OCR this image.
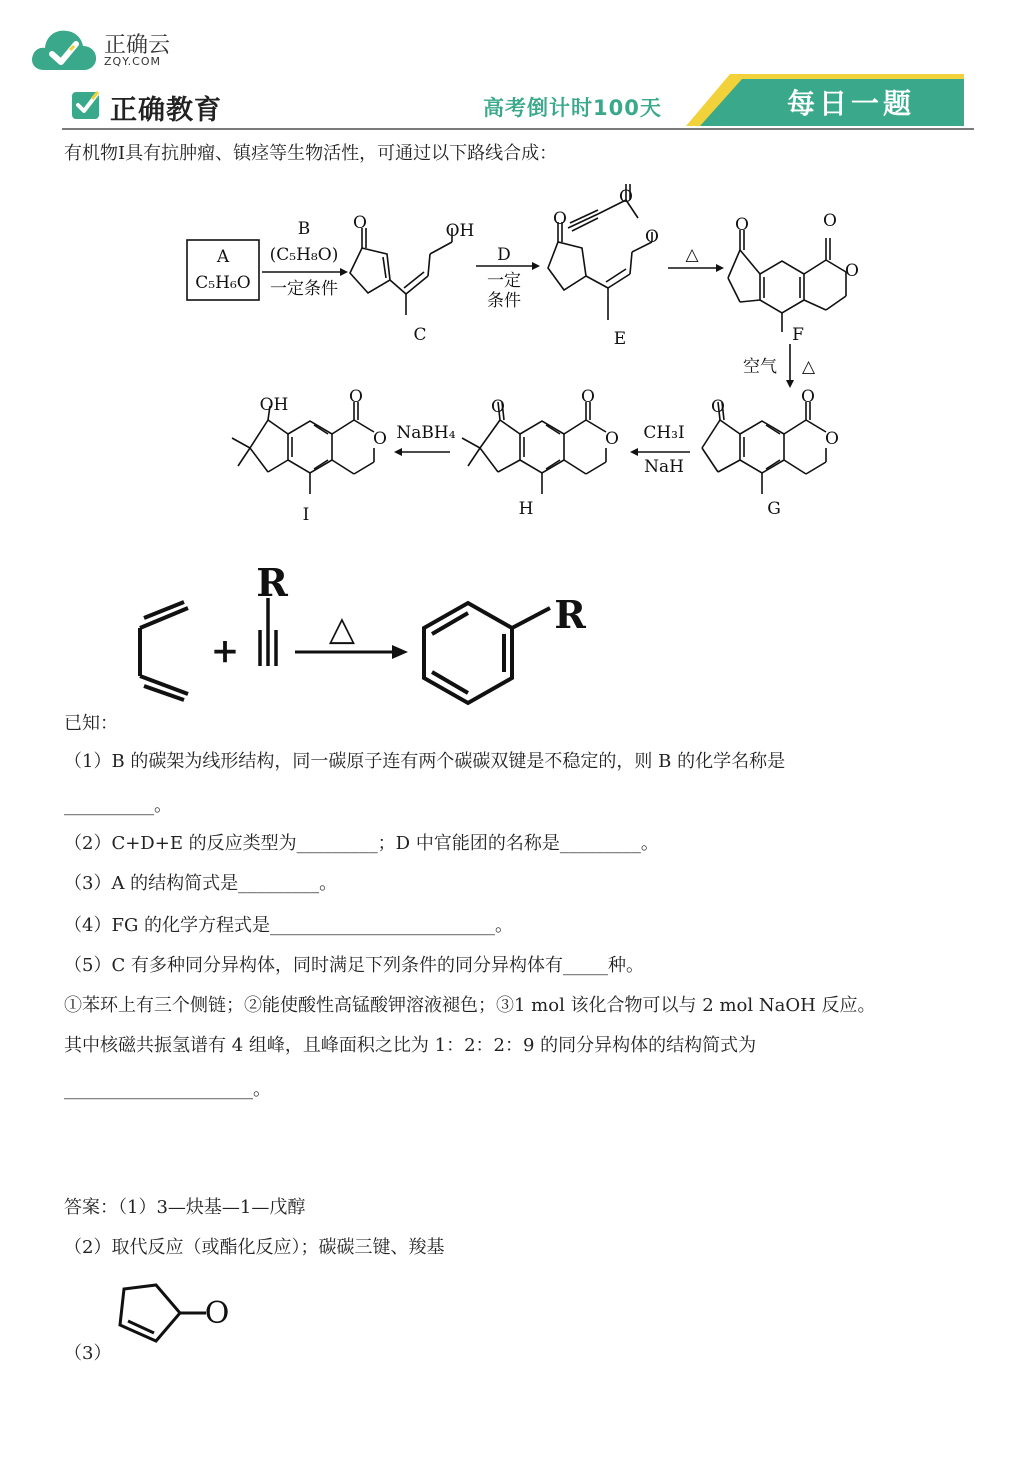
正确云
ZQY.COM
正确教育	高考倒计时100天	每日一题
有机物Ⅰ具有抗肿瘤、镇痉等生物活性，可通过以下路线合成：
A
C₅H₆O
B
(C₅H₈O)
一定条件
O	OH
C
D
一定
条件
O
O
O
E
△
O	O
O
F
空气 △
O	O
O
G
CH₃I
NaH
O	O
O
H
NaBH₄
OH	O
O
I
+
R
△	R
已知：
（1）B 的碳架为线形结构，同一碳原子连有两个碳碳双键是不稳定的，则 B 的化学名称是
__________。
（2）C+D+E 的反应类型为_________；D 中官能团的名称是_________。
（3）A 的结构简式是_________。
（4）FG 的化学方程式是_________________________。
（5）C 有多种同分异构体，同时满足下列条件的同分异构体有_____种。
①苯环上有三个侧链；②能使酸性高锰酸钾溶液褪色；③1 mol 该化合物可以与 2 mol NaOH 反应。
其中核磁共振氢谱有 4 组峰，且峰面积之比为 1：2：2：9 的同分异构体的结构简式为
_____________________。
答案：（1）3—炔基—1—戊醇
（2）取代反应（或酯化反应）；碳碳三键、羧基
（3）
O
